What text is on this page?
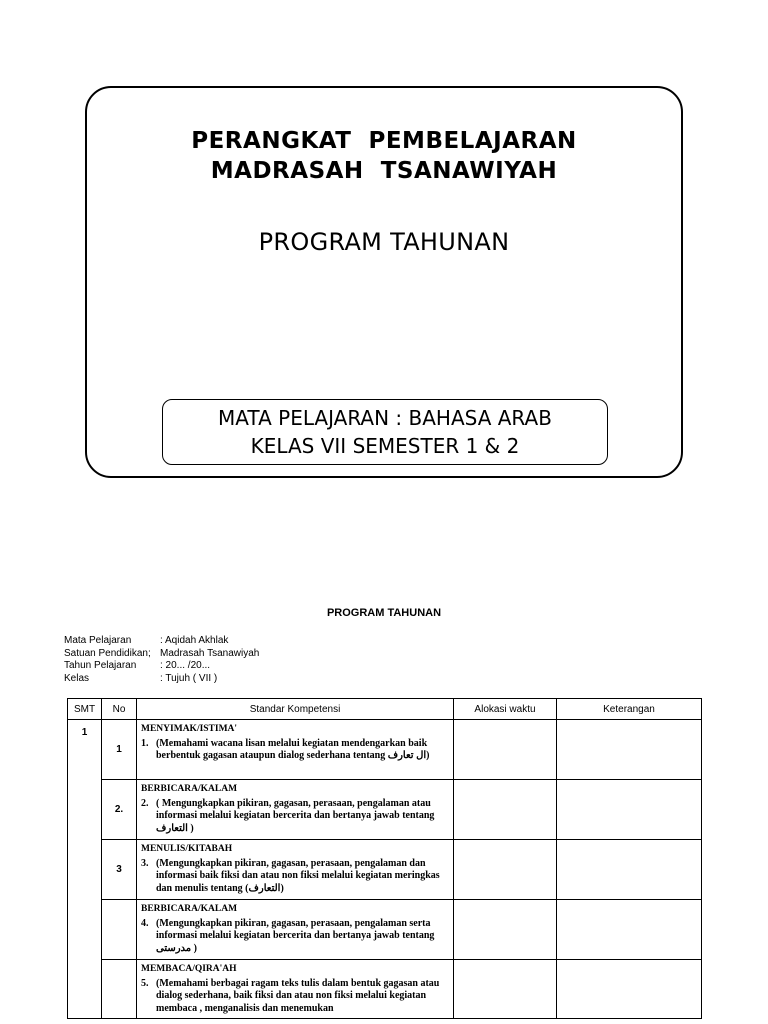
PERANGKAT  PEMBELAJARAN
MADRASAH  TSANAWIYAH
PROGRAM TAHUNAN
MATA PELAJARAN : BAHASA ARAB
KELAS VII SEMESTER 1 & 2
PROGRAM TAHUNAN
Mata Pelajaran	: Aqidah Akhlak
Satuan Pendidikan; Madrasah Tsanawiyah
Tahun Pelajaran	: 20... /20...
Kelas	: Tujuh ( VII )
SMT	No	Standar Kompetensi	Alokasi waktu	Keterangan
1	1	MENYIMAK/ISTIMA'
1. (Memahami wacana lisan melalui kegiatan mendengarkan baik berbentuk gagasan ataupun dialog sederhana tentang ال تعارف)		

	2.	BERBICARA/KALAM
2. ( Mengungkapkan pikiran, gagasan, perasaan, pengalaman atau informasi melalui kegiatan bercerita dan bertanya jawab tentang التعارف )		

	3	MENULIS/KITABAH
3. (Mengungkapkan pikiran, gagasan, perasaan, pengalaman dan informasi baik fiksi dan atau non fiksi melalui kegiatan meringkas dan menulis tentang (التعارف)		

		BERBICARA/KALAM
4. (Mengungkapkan pikiran, gagasan, perasaan, pengalaman serta informasi melalui kegiatan bercerita dan bertanya jawab tentang مدرستى )		

		MEMBACA/QIRA'AH
5. (Memahami berbagai ragam teks tulis dalam bentuk gagasan atau dialog sederhana, baik fiksi dan atau non fiksi melalui kegiatan membaca , menganalisis dan menemukan		
